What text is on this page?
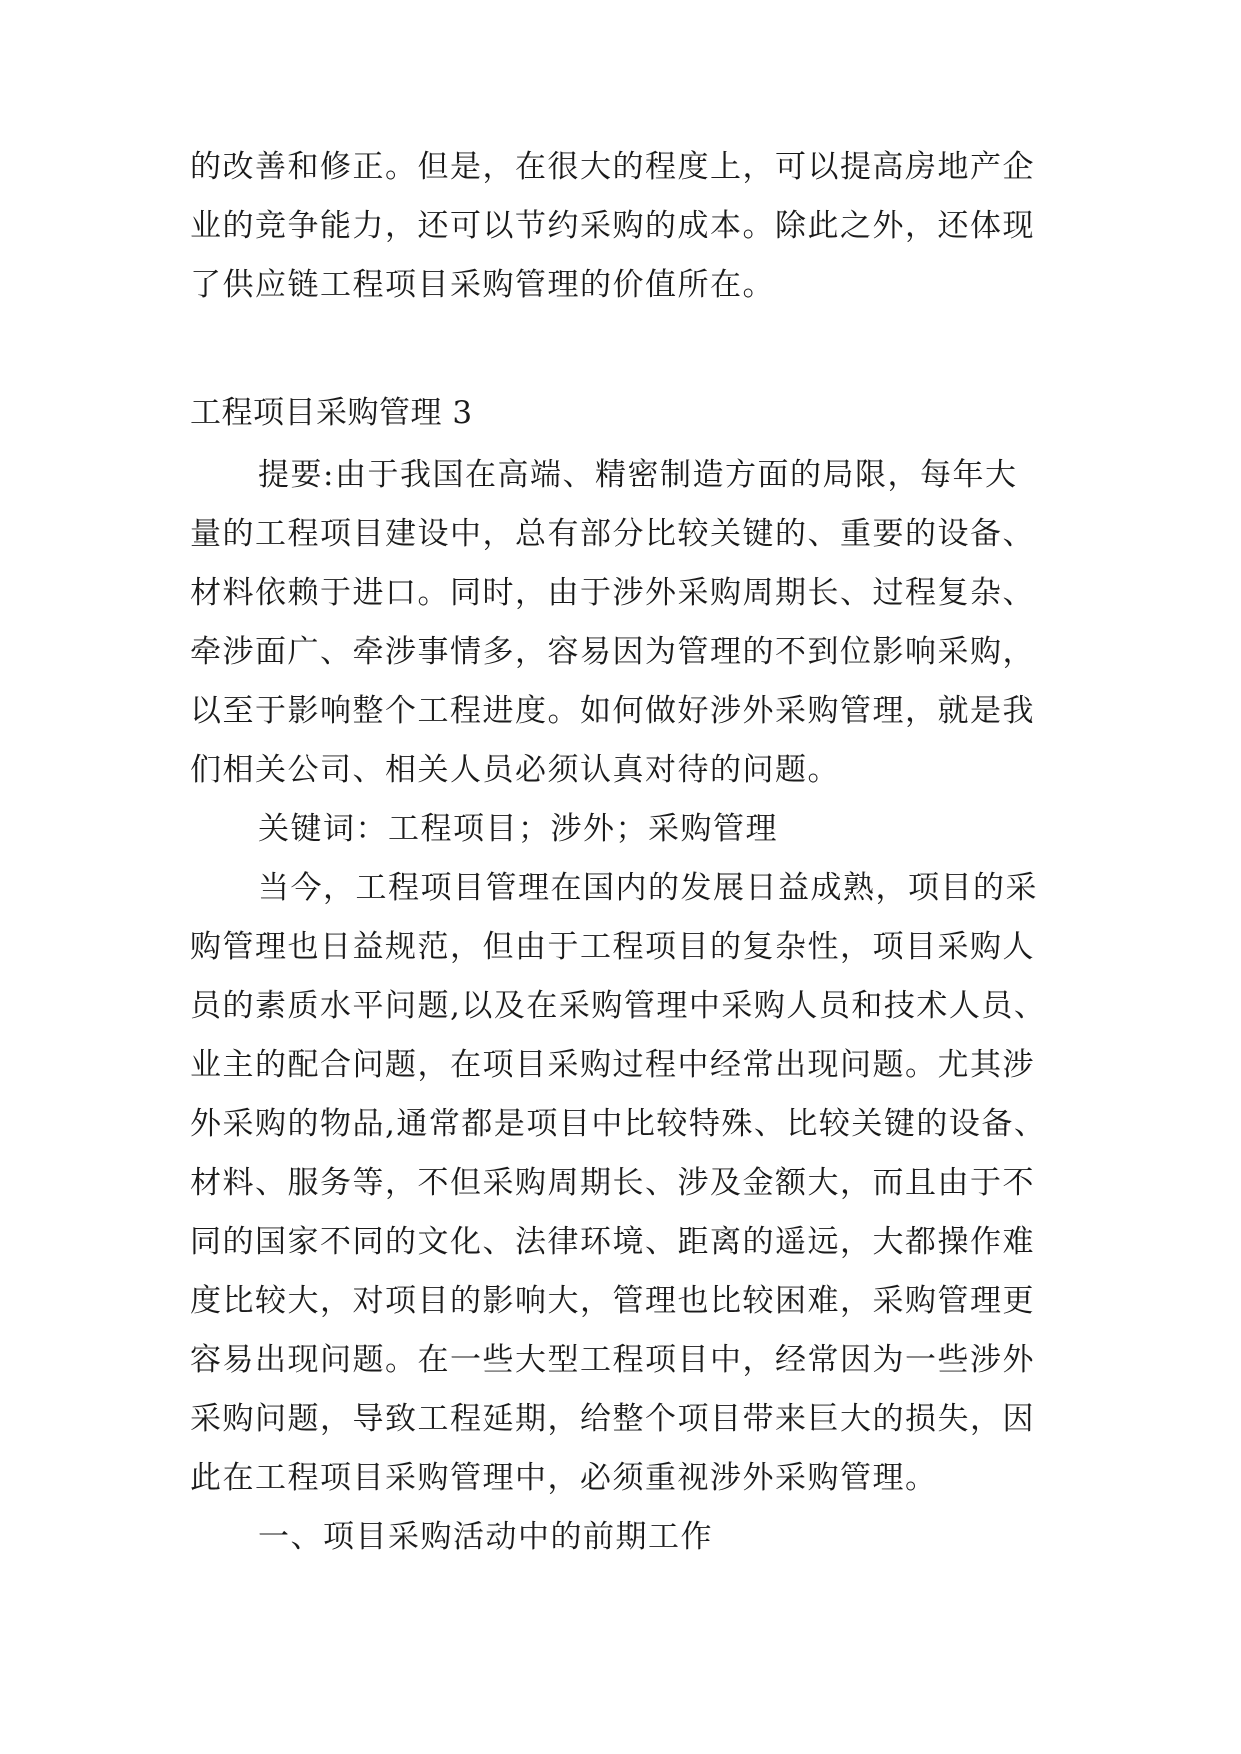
的改善和修正。但是，在很大的程度上，可以提高房地产企
业的竞争能力，还可以节约采购的成本。除此之外，还体现
了供应链工程项目采购管理的价值所在。
工程项目采购管理 3
提要:由于我国在高端、精密制造方面的局限，每年大
量的工程项目建设中，总有部分比较关键的、重要的设备、
材料依赖于进口。同时，由于涉外采购周期长、过程复杂、
牵涉面广、牵涉事情多，容易因为管理的不到位影响采购，
以至于影响整个工程进度。如何做好涉外采购管理，就是我
们相关公司、相关人员必须认真对待的问题。
关键词：工程项目；涉外；采购管理
当今，工程项目管理在国内的发展日益成熟，项目的采
购管理也日益规范，但由于工程项目的复杂性，项目采购人
员的素质水平问题,以及在采购管理中采购人员和技术人员、
业主的配合问题，在项目采购过程中经常出现问题。尤其涉
外采购的物品,通常都是项目中比较特殊、比较关键的设备、
材料、服务等，不但采购周期长、涉及金额大，而且由于不
同的国家不同的文化、法律环境、距离的遥远，大都操作难
度比较大，对项目的影响大，管理也比较困难，采购管理更
容易出现问题。在一些大型工程项目中，经常因为一些涉外
采购问题，导致工程延期，给整个项目带来巨大的损失，因
此在工程项目采购管理中，必须重视涉外采购管理。
一、项目采购活动中的前期工作
